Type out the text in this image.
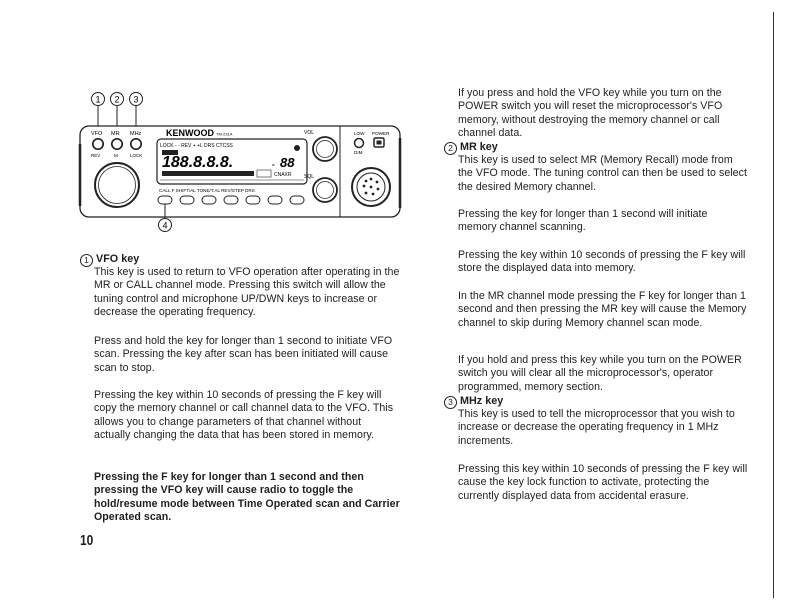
1 2 3
VFO MR MHz
REV	M	LOCK
KENWOOD TM-231A
LOCK - - REV + +L DRS CTCSS
188.8.8.8.	- 88
CNAXR
CALL F SHIFT/AL TONE/T.AL REV/STEP DRS
4
VOL
SQL
LOW POWER
DIM
1 VFO key
This key is used to return to VFO operation after operating in the MR or CALL channel mode. Pressing this switch will allow the tuning control and microphone UP/DWN keys to increase or decrease the operating frequency.
Press and hold the key for longer than 1 second to initiate VFO scan. Pressing the key after scan has been initiated will cause scan to stop.
Pressing the key within 10 seconds of pressing the F key will copy the memory channel or call channel data to the VFO. This allows you to change parameters of that channel without actually changing the data that has been stored in memory.
Pressing the F key for longer than 1 second and then pressing the VFO key will cause radio to toggle the hold/resume mode between Time Operated scan and Carrier Operated scan.
10
If you press and hold the VFO key while you turn on the POWER switch you will reset the microprocessor's VFO memory, without destroying the memory channel or call channel data.
2 MR key
This key is used to select MR (Memory Recall) mode from the VFO mode. The tuning control can then be used to select the desired Memory channel.
Pressing the key for longer than 1 second will initiate memory channel scanning.
Pressing the key within 10 seconds of pressing the F key will store the displayed data into memory.
In the MR channel mode pressing the F key for longer than 1 second and then pressing the MR key will cause the Memory channel to skip during Memory channel scan mode.
If you hold and press this key while you turn on the POWER switch you will clear all the microprocessor's, operator programmed, memory section.
3 MHz key
This key is used to tell the microprocessor that you wish to increase or decrease the operating frequency in 1 MHz increments.
Pressing this key within 10 seconds of pressing the F key will cause the key lock function to activate, protecting the currently displayed data from accidental erasure.
